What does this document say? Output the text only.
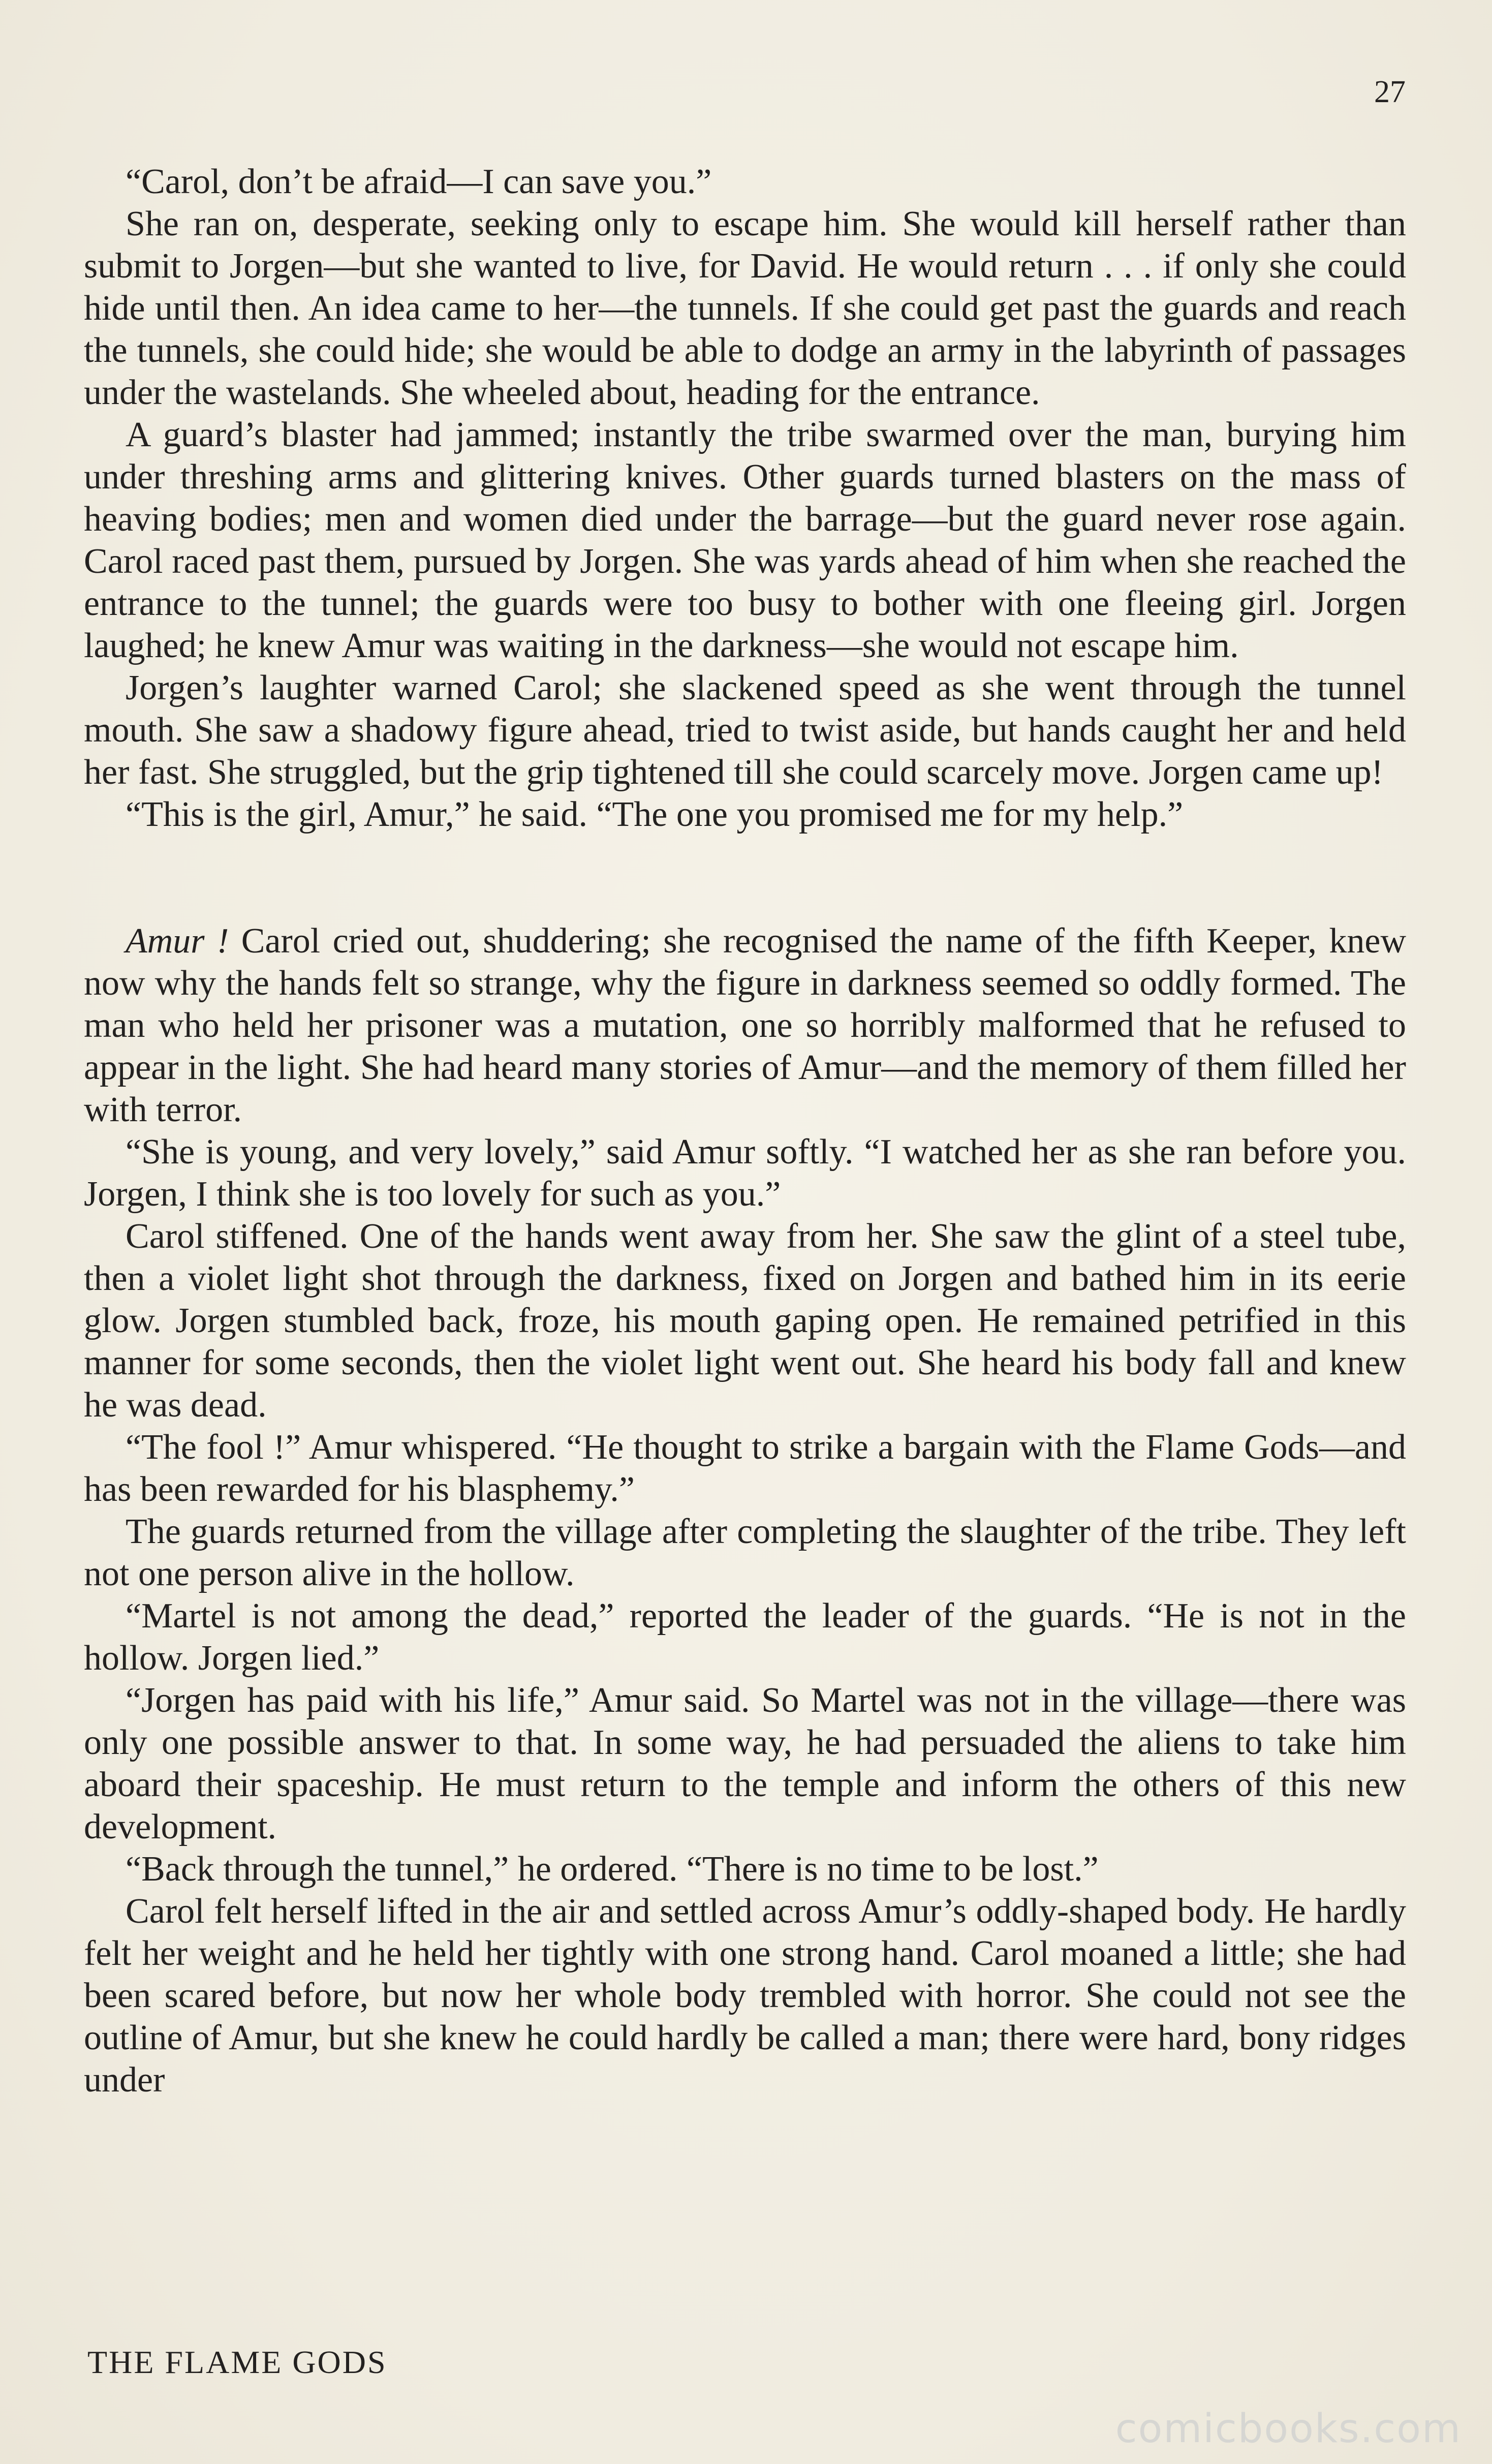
27

“Carol, don’t be afraid—I can save you.”

She ran on, desperate, seeking only to escape him. She would kill herself rather than submit to Jorgen—but she wanted to live, for David. He would return . . . if only she could hide until then. An idea came to her—the tunnels. If she could get past the guards and reach the tunnels, she could hide; she would be able to dodge an army in the labyrinth of passages under the wastelands. She wheeled about, heading for the entrance.

A guard’s blaster had jammed; instantly the tribe swarmed over the man, burying him under threshing arms and glittering knives. Other guards turned blasters on the mass of heaving bodies; men and women died under the barrage—but the guard never rose again. Carol raced past them, pursued by Jorgen. She was yards ahead of him when she reached the entrance to the tunnel; the guards were too busy to bother with one fleeing girl. Jorgen laughed; he knew Amur was waiting in the darkness—she would not escape him.

Jorgen’s laughter warned Carol; she slackened speed as she went through the tunnel mouth. She saw a shadowy figure ahead, tried to twist aside, but hands caught her and held her fast. She struggled, but the grip tightened till she could scarcely move. Jorgen came up!

“This is the girl, Amur,” he said. “The one you promised me for my help.”

Amur ! Carol cried out, shuddering; she recognised the name of the fifth Keeper, knew now why the hands felt so strange, why the figure in darkness seemed so oddly formed. The man who held her prisoner was a mutation, one so horribly malformed that he refused to appear in the light. She had heard many stories of Amur—and the memory of them filled her with terror.

“She is young, and very lovely,” said Amur softly. “I watched her as she ran before you. Jorgen, I think she is too lovely for such as you.”

Carol stiffened. One of the hands went away from her. She saw the glint of a steel tube, then a violet light shot through the darkness, fixed on Jorgen and bathed him in its eerie glow. Jorgen stumbled back, froze, his mouth gaping open. He remained petrified in this manner for some seconds, then the violet light went out. She heard his body fall and knew he was dead.

“The fool !” Amur whispered. “He thought to strike a bargain with the Flame Gods—and has been rewarded for his blasphemy.”

The guards returned from the village after completing the slaughter of the tribe. They left not one person alive in the hollow.

“Martel is not among the dead,” reported the leader of the guards. “He is not in the hollow. Jorgen lied.”

“Jorgen has paid with his life,” Amur said. So Martel was not in the village—there was only one possible answer to that. In some way, he had persuaded the aliens to take him aboard their spaceship. He must return to the temple and inform the others of this new development.

“Back through the tunnel,” he ordered. “There is no time to be lost.”

Carol felt herself lifted in the air and settled across Amur’s oddly-shaped body. He hardly felt her weight and he held her tightly with one strong hand. Carol moaned a little; she had been scared before, but now her whole body trembled with horror. She could not see the outline of Amur, but she knew he could hardly be called a man; there were hard, bony ridges under

THE FLAME GODS
comicbooks.com
